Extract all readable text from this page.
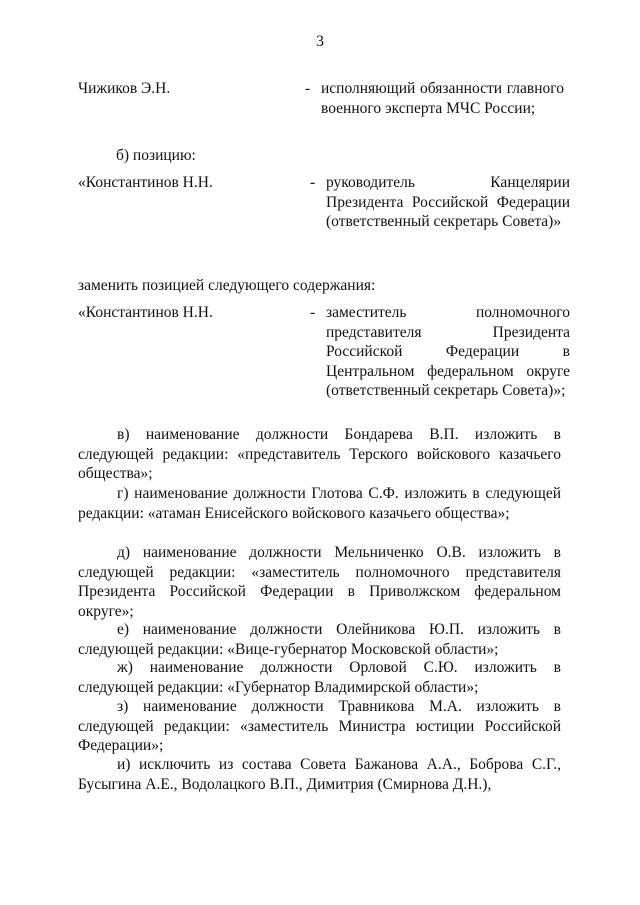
3
Чижиков Э.Н.	- исполняющий обязанности главного военного эксперта МЧС России;
б) позицию:
«Константинов Н.Н.	- руководитель Канцелярии Президента Российской Федерации (ответственный секретарь Совета)»
заменить позицией следующего содержания:
«Константинов Н.Н.	- заместитель полномочного представителя Президента Российской Федерации в Центральном федеральном округе (ответственный секретарь Совета)»;
в) наименование должности Бондарева В.П. изложить в следующей редакции: «представитель Терского войскового казачьего общества»;
г) наименование должности Глотова С.Ф. изложить в следующей редакции: «атаман Енисейского войскового казачьего общества»;
д) наименование должности Мельниченко О.В. изложить в следующей редакции: «заместитель полномочного представителя Президента Российской Федерации в Приволжском федеральном округе»;
е) наименование должности Олейникова Ю.П. изложить в следующей редакции: «Вице-губернатор Московской области»;
ж) наименование должности Орловой С.Ю. изложить в следующей редакции: «Губернатор Владимирской области»;
з) наименование должности Травникова М.А. изложить в следующей редакции: «заместитель Министра юстиции Российской Федерации»;
и) исключить из состава Совета Бажанова А.А., Боброва С.Г., Бусыгина А.Е., Водолацкого В.П., Димитрия (Смирнова Д.Н.),
